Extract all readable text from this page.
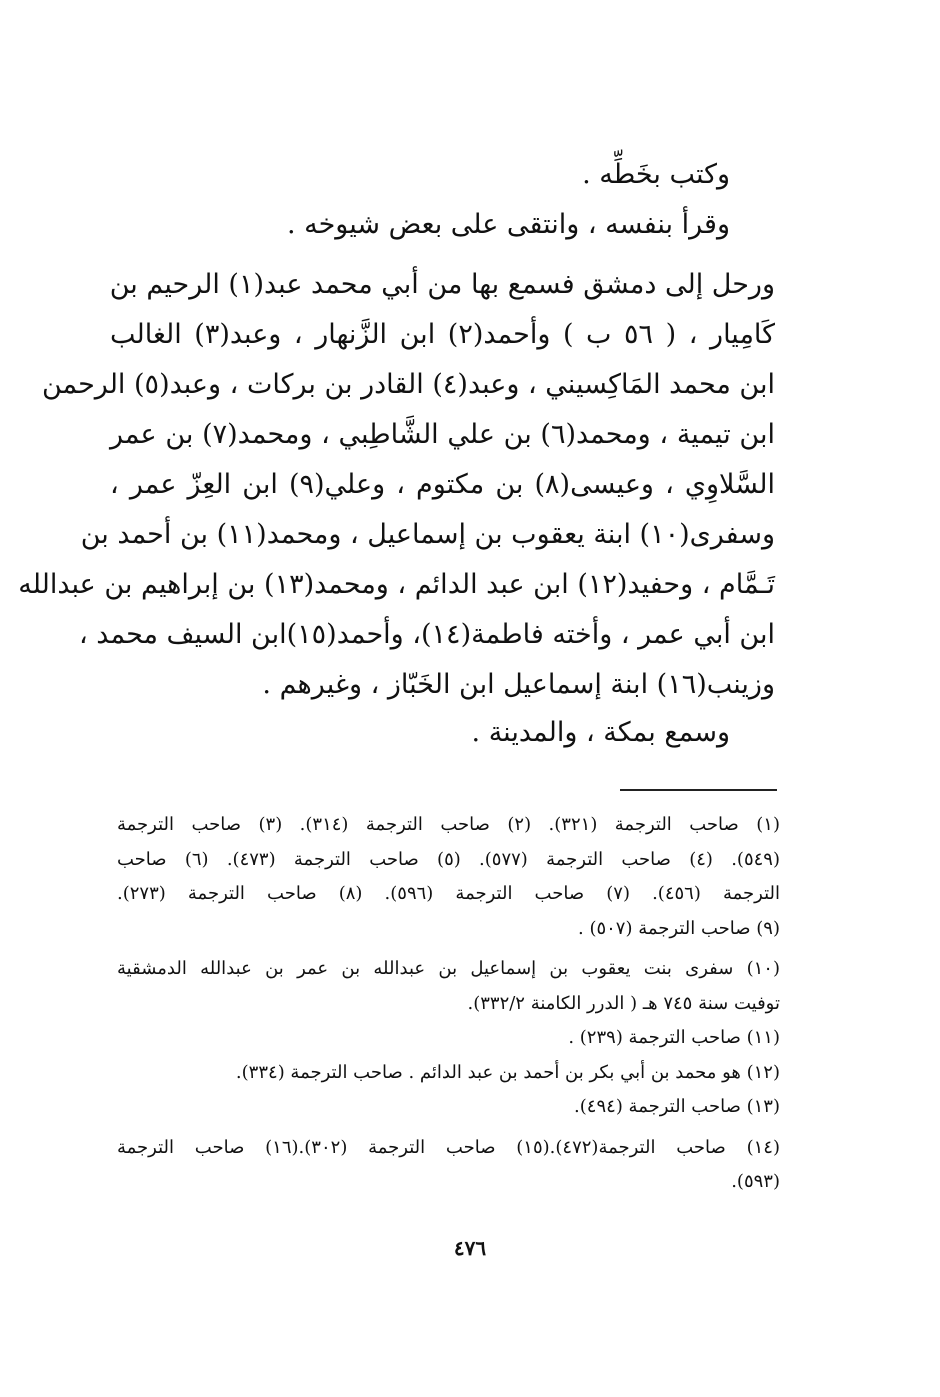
وكتب بخَطِّه .
وقرأ بنفسه ، وانتقى على بعض شيوخه .
ورحل إلى دمشق فسمع بها من أبي محمد عبد(١) الرحيم بن
كَامِيار ، ( ٥٦ ب ) وأحمد(٢) ابن الزَّنهار ، وعبد(٣) الغالب
ابن محمد المَاكِسيني ، وعبد(٤) القادر بن بركات ، وعبد(٥) الرحمن
ابن تيمية ، ومحمد(٦) بن علي الشَّاطِبي ، ومحمد(٧) بن عمر
السَّلاوِي ، وعيسى(٨) بن مكتوم ، وعلي(٩) ابن العِزّ عمر ،
وسفرى(١٠) ابنة يعقوب بن إسماعيل ، ومحمد(١١) بن أحمد بن
تَـمَّام ، وحفيد(١٢) ابن عبد الدائم ، ومحمد(١٣) بن إبراهيم بن عبدالله
ابن أبي عمر ، وأخته فاطمة(١٤)، وأحمد(١٥)ابن السيف محمد ،
وزينب(١٦) ابنة إسماعيل ابن الخَبّاز ، وغيرهم .
وسمع بمكة ، والمدينة .
(١) صاحب الترجمة (٣٢١). (٢) صاحب الترجمة (٣١٤). (٣) صاحب الترجمة
(٥٤٩). (٤) صاحب الترجمة (٥٧٧). (٥) صاحب الترجمة (٤٧٣). (٦) صاحب
الترجمة (٤٥٦). (٧) صاحب الترجمة (٥٩٦). (٨) صاحب الترجمة (٢٧٣).
(٩) صاحب الترجمة (٥٠٧) .
(١٠) سفرى بنت يعقوب بن إسماعيل بن عبدالله بن عمر بن عبدالله الدمشقية
توفيت سنة ٧٤٥ هـ ( الدرر الكامنة ٣٣٢/٢).
(١١) صاحب الترجمة (٢٣٩) .
(١٢) هو محمد بن أبي بكر بن أحمد بن عبد الدائم . صاحب الترجمة (٣٣٤).
(١٣) صاحب الترجمة (٤٩٤).
(١٤) صاحب الترجمة(٤٧٢).(١٥) صاحب الترجمة (٣٠٢).(١٦) صاحب الترجمة
(٥٩٣).
٤٧٦
